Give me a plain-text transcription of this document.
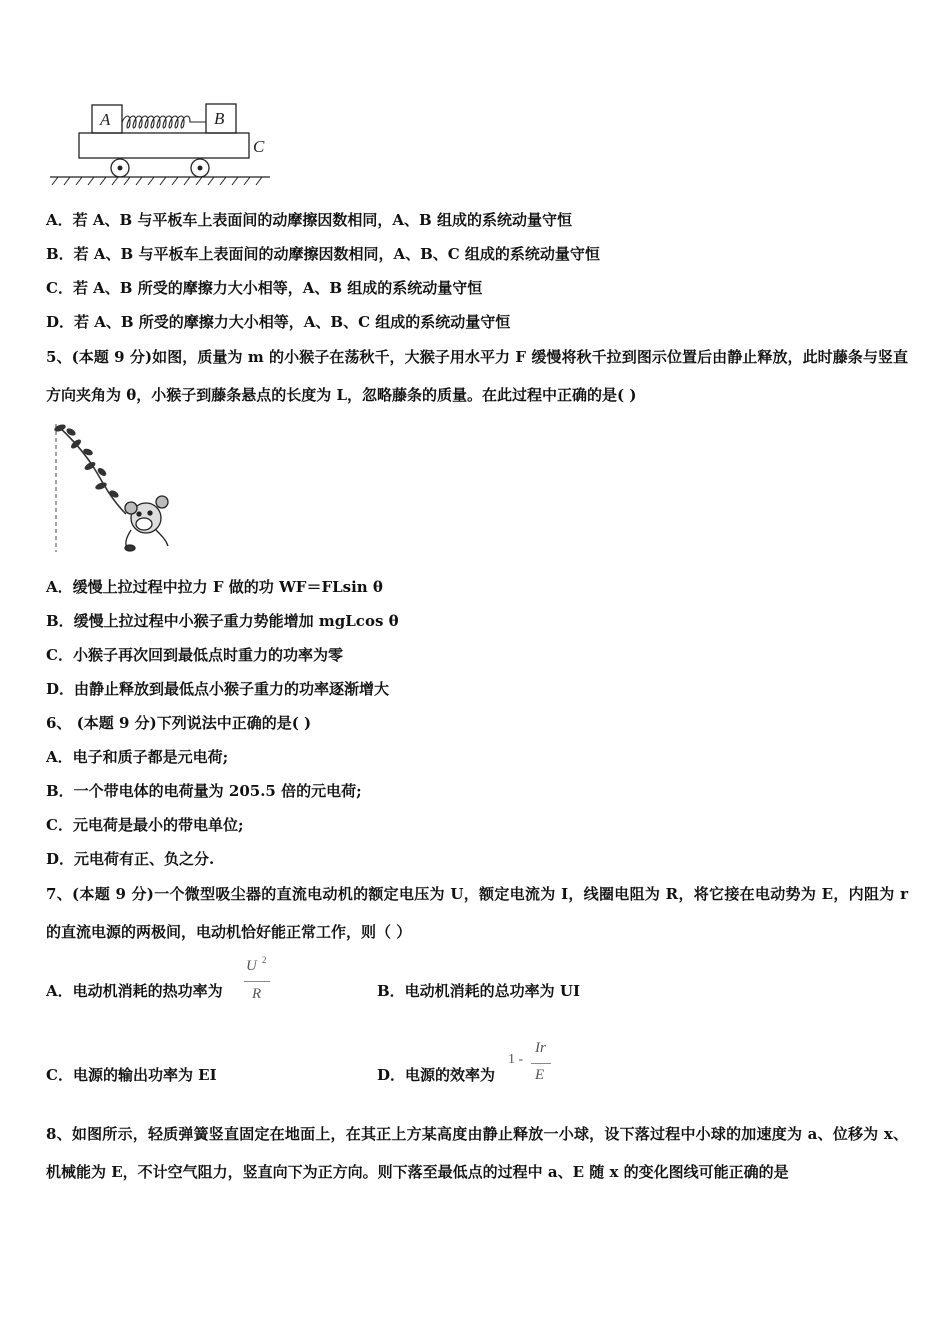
A	B
C
A．若 A、B 与平板车上表面间的动摩擦因数相同，A、B 组成的系统动量守恒
B．若 A、B 与平板车上表面间的动摩擦因数相同，A、B、C 组成的系统动量守恒
C．若 A、B 所受的摩擦力大小相等，A、B 组成的系统动量守恒
D．若 A、B 所受的摩擦力大小相等，A、B、C 组成的系统动量守恒
5、(本题 9 分)如图，质量为 m 的小猴子在荡秋千，大猴子用水平力 F 缓慢将秋千拉到图示位置后由静止释放，此时藤条与竖直方向夹角为 θ，小猴子到藤条悬点的长度为 L，忽略藤条的质量。在此过程中正确的是( )
A．缓慢上拉过程中拉力 F 做的功 WF＝FLsin θ
B．缓慢上拉过程中小猴子重力势能增加 mgLcos θ
C．小猴子再次回到最低点时重力的功率为零
D．由静止释放到最低点小猴子重力的功率逐渐增大
6、 (本题 9 分)下列说法中正确的是( )
A．电子和质子都是元电荷;
B．一个带电体的电荷量为 205.5 倍的元电荷;
C．元电荷是最小的带电单位;
D．元电荷有正、负之分.
7、(本题 9 分)一个微型吸尘器的直流电动机的额定电压为 U，额定电流为 I，线圈电阻为 R，将它接在电动势为 E，内阻为 r 的直流电源的两极间，电动机恰好能正常工作，则（ ）
A．电动机消耗的热功率为
U 2
R	B．电动机消耗的总功率为 UI
C．电源的输出功率为 EI	D．电源的效率为
1 -
Ir
E
8、如图所示，轻质弹簧竖直固定在地面上，在其正上方某高度由静止释放一小球，设下落过程中小球的加速度为 a、位移为 x、机械能为 E，不计空气阻力，竖直向下为正方向。则下落至最低点的过程中 a、E 随 x 的变化图线可能正确的是
